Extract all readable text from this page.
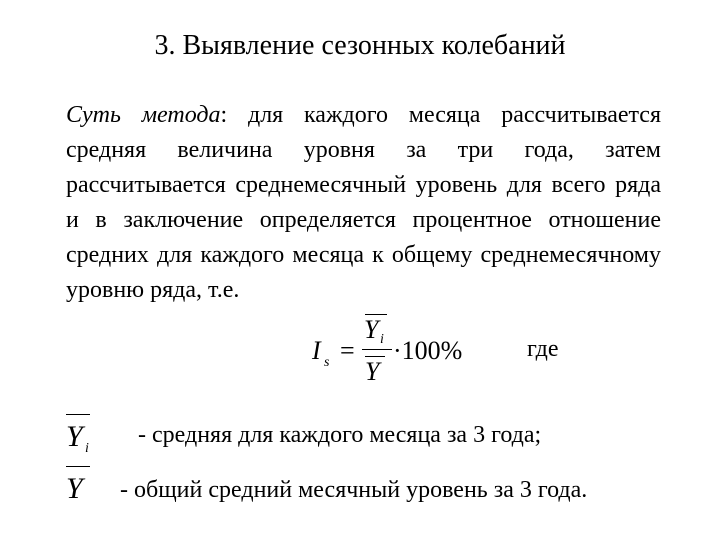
3. Выявление сезонных колебаний
Суть метода: для каждого месяца рассчитывается средняя величина уровня за три года, затем рассчитывается среднемесячный уровень для всего ряда и в заключение определяется процентное отношение средних для каждого месяца к общему среднемесячному уровню ряда, т.е.
I s =
Y i
Y
·100%	где
Y i
- средняя для каждого месяца за 3 года;
Y - общий средний месячный уровень за 3 года.
